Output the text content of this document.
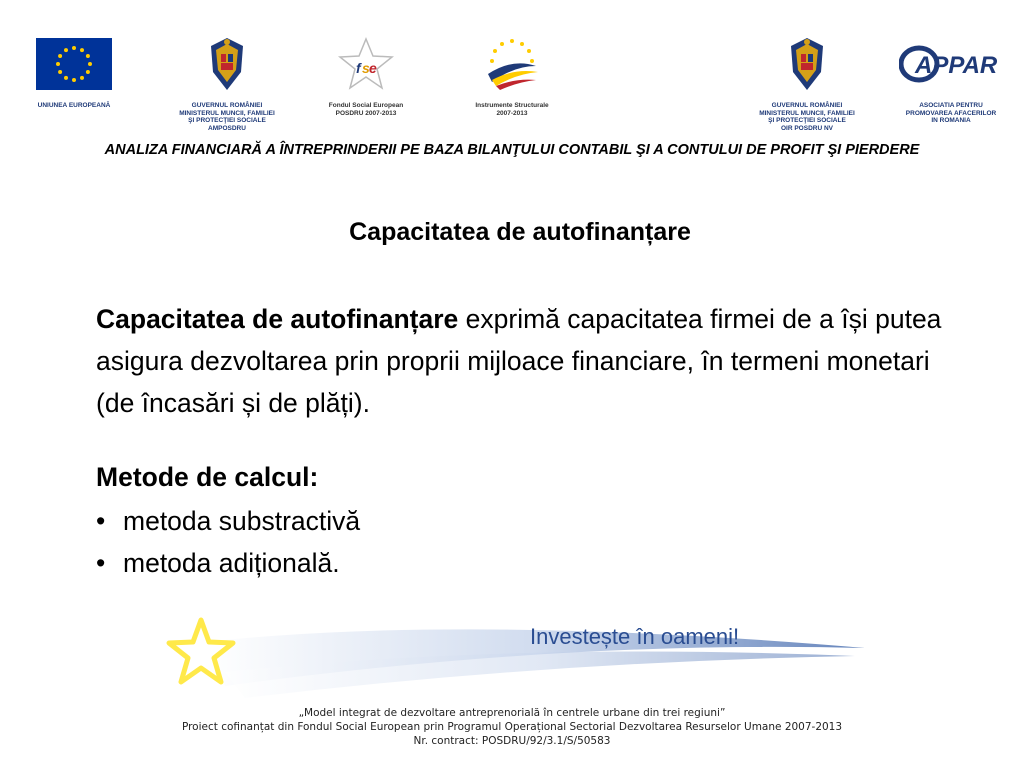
UNIUNEA EUROPEANĂ	GUVERNUL ROMÂNIEI
MINISTERUL MUNCII, FAMILIEI
ŞI PROTECŢIEI SOCIALE
AMPOSDRU
f s e
Fondul Social European
POSDRU 2007-2013
Instrumente Structurale
2007-2013
GUVERNUL ROMÂNIEI
MINISTERUL MUNCII, FAMILIEI
ŞI PROTECŢIEI SOCIALE
OIR POSDRU NV
APPAR
ASOCIATIA PENTRU
PROMOVAREA AFACERILOR
IN ROMANIA
ANALIZA FINANCIARĂ A ÎNTREPRINDERII PE BAZA BILANŢULUI CONTABIL ŞI A CONTULUI DE PROFIT ŞI PIERDERE
Capacitatea de autofinanțare
Capacitatea de autofinanțare exprimă capacitatea firmei de a își putea asigura dezvoltarea prin proprii mijloace financiare, în termeni monetari (de încasări și de plăți).
Metode de calcul:
• metoda substractivă
• metoda adițională.
Investește în oameni!
„Model integrat de dezvoltare antreprenorială în centrele urbane din trei regiuni”
Proiect cofinanțat din Fondul Social European prin Programul Operațional Sectorial Dezvoltarea Resurselor Umane 2007-2013
Nr. contract: POSDRU/92/3.1/S/50583
